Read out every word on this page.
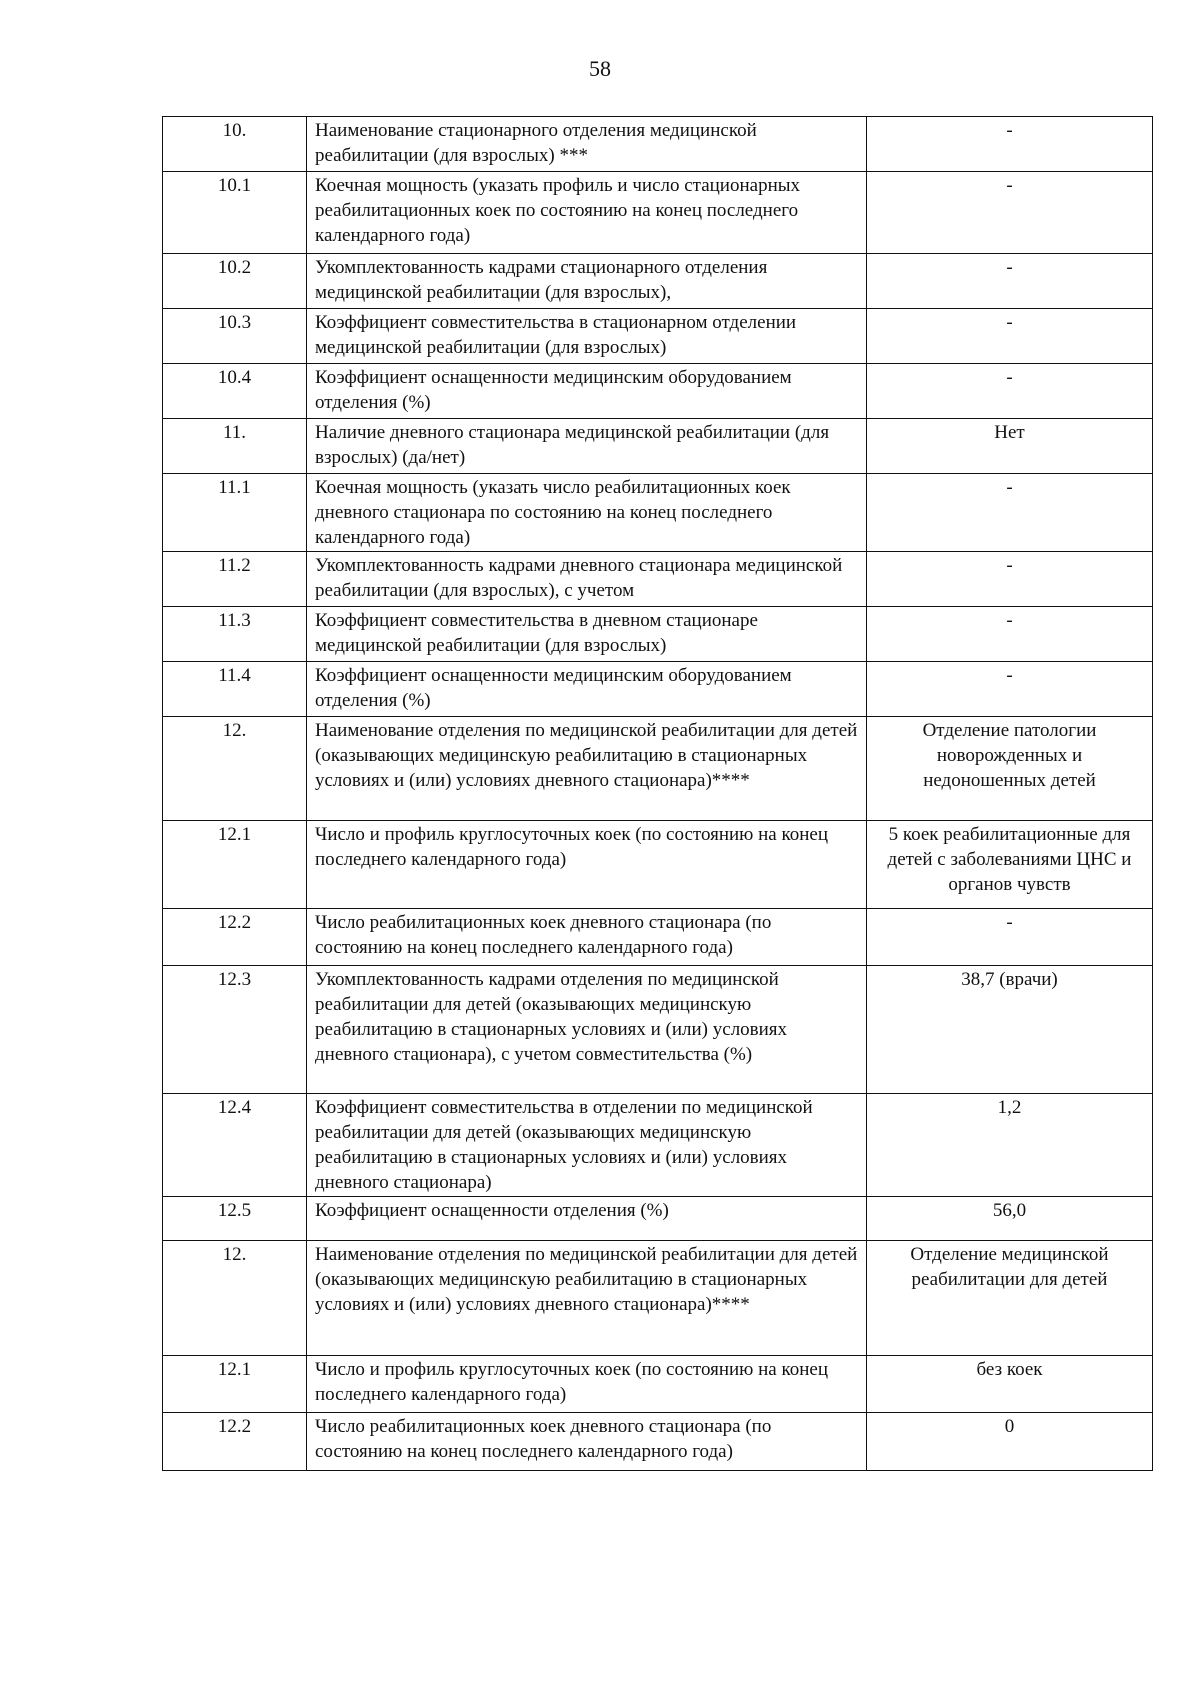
58
10.	Наименование стационарного отделения медицинской реабилитации (для взрослых) ***	-
10.1	Коечная мощность (указать профиль и число стационарных реабилитационных коек по состоянию на конец последнего календарного года)	-
10.2	Укомплектованность кадрами стационарного отделения медицинской реабилитации (для взрослых),	-
10.3	Коэффициент совместительства в стационарном отделении медицинской реабилитации (для взрослых)	-
10.4	Коэффициент оснащенности медицинским оборудованием отделения (%)	-
11.	Наличие дневного стационара медицинской реабилитации (для взрослых) (да/нет)	Нет
11.1	Коечная мощность (указать число реабилитационных коек дневного стационара по состоянию на конец последнего календарного года)	-
11.2	Укомплектованность кадрами дневного стационара медицинской реабилитации (для взрослых), с учетом	-
11.3	Коэффициент совместительства в дневном стационаре медицинской реабилитации (для взрослых)	-
11.4	Коэффициент оснащенности медицинским оборудованием отделения (%)	-
12.	Наименование отделения по медицинской реабилитации для детей (оказывающих медицинскую реабилитацию в стационарных условиях и (или) условиях дневного стационара)****	Отделение патологии новорожденных и недоношенных детей
12.1	Число и профиль круглосуточных коек (по состоянию на конец последнего календарного года)	5 коек реабилитационные для детей с заболеваниями ЦНС и органов чувств
12.2	Число реабилитационных коек дневного стационара (по состоянию на конец последнего календарного года)	-
12.3	Укомплектованность кадрами отделения по медицинской реабилитации для детей (оказывающих медицинскую реабилитацию в стационарных условиях и (или) условиях дневного стационара), с учетом совместительства (%)	38,7 (врачи)
12.4	Коэффициент совместительства в отделении по медицинской реабилитации для детей (оказывающих медицинскую реабилитацию в стационарных условиях и (или) условиях дневного стационара)	1,2
12.5	Коэффициент оснащенности отделения (%)	56,0
12.	Наименование отделения по медицинской реабилитации для детей (оказывающих медицинскую реабилитацию в стационарных условиях и (или) условиях дневного стационара)****	Отделение медицинской реабилитации для детей
12.1	Число и профиль круглосуточных коек (по состоянию на конец последнего календарного года)	без коек
12.2	Число реабилитационных коек дневного стационара (по состоянию на конец последнего календарного года)	0
